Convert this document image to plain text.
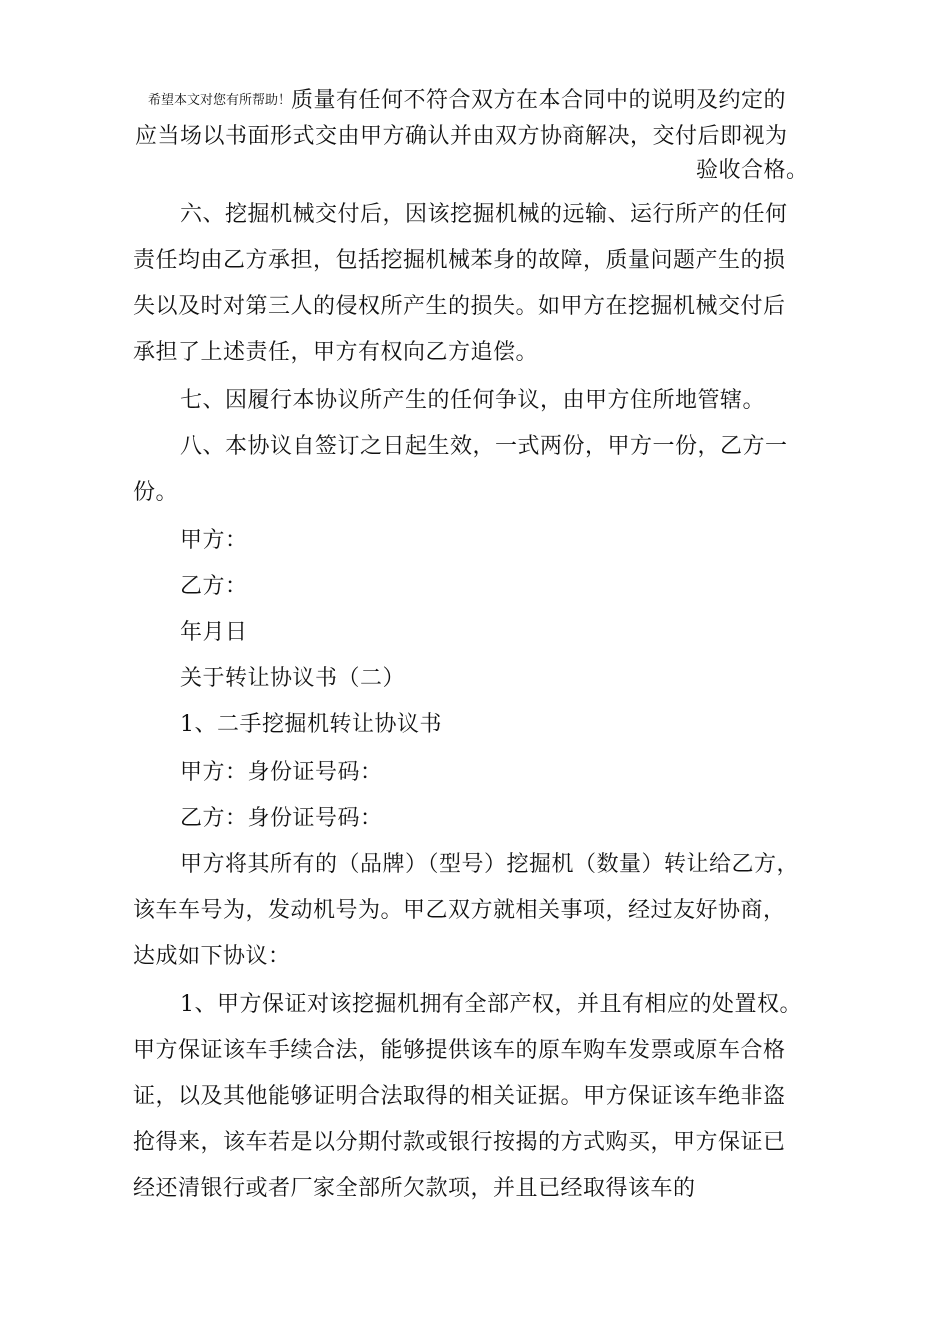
希望本文对您有所帮助！质量有任何不符合双方在本合同中的说明及约定的
应当场以书面形式交由甲方确认并由双方协商解决，交付后即视为
验收合格。
六、挖掘机械交付后，因该挖掘机械的远输、运行所产的任何
责任均由乙方承担，包括挖掘机械苯身的故障，质量问题产生的损
失以及时对第三人的侵权所产生的损失。如甲方在挖掘机械交付后
承担了上述责任，甲方有权向乙方追偿。
七、因履行本协议所产生的任何争议，由甲方住所地管辖。
八、本协议自签订之日起生效，一式两份，甲方一份，乙方一
份。
甲方：
乙方：
年月日
关于转让协议书（二）
1、二手挖掘机转让协议书
甲方：身份证号码：
乙方：身份证号码：
甲方将其所有的（品牌）（型号）挖掘机（数量）转让给乙方，
该车车号为，发动机号为。甲乙双方就相关事项，经过友好协商，
达成如下协议：
1、甲方保证对该挖掘机拥有全部产权，并且有相应的处置权。
甲方保证该车手续合法，能够提供该车的原车购车发票或原车合格
证，以及其他能够证明合法取得的相关证据。甲方保证该车绝非盗
抢得来，该车若是以分期付款或银行按揭的方式购买，甲方保证已
经还清银行或者厂家全部所欠款项，并且已经取得该车的
